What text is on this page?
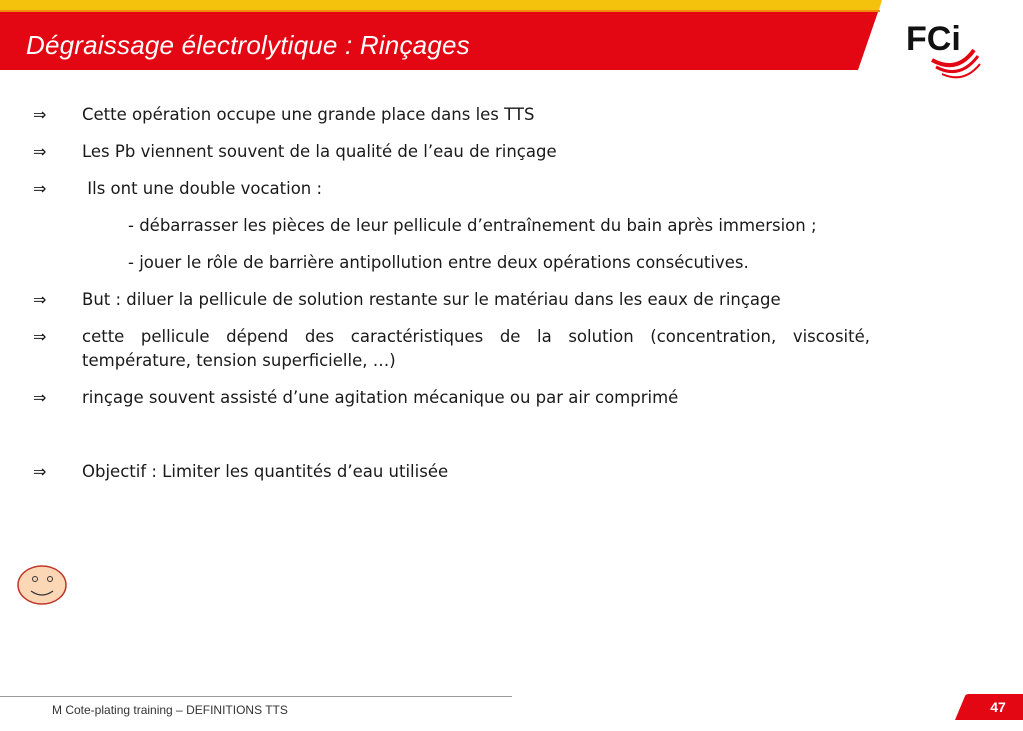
Dégraissage électrolytique : Rinçages	FCi
⇒ Cette opération occupe une grande place dans les TTS
⇒ Les Pb viennent souvent de la qualité de l’eau de rinçage
⇒ Ils ont une double vocation :
- débarrasser les pièces de leur pellicule d’entraînement du bain après immersion ;
- jouer le rôle de barrière antipollution entre deux opérations consécutives.
⇒ But : diluer la pellicule de solution restante sur le matériau dans les eaux de rinçage
⇒ cette pellicule dépend des caractéristiques de la solution (concentration, viscosité, température, tension superficielle, …)
⇒ rinçage souvent assisté d’une agitation mécanique ou par air comprimé
⇒ Objectif : Limiter les quantités d’eau utilisée
M Cote-plating training – DEFINITIONS TTS	47
